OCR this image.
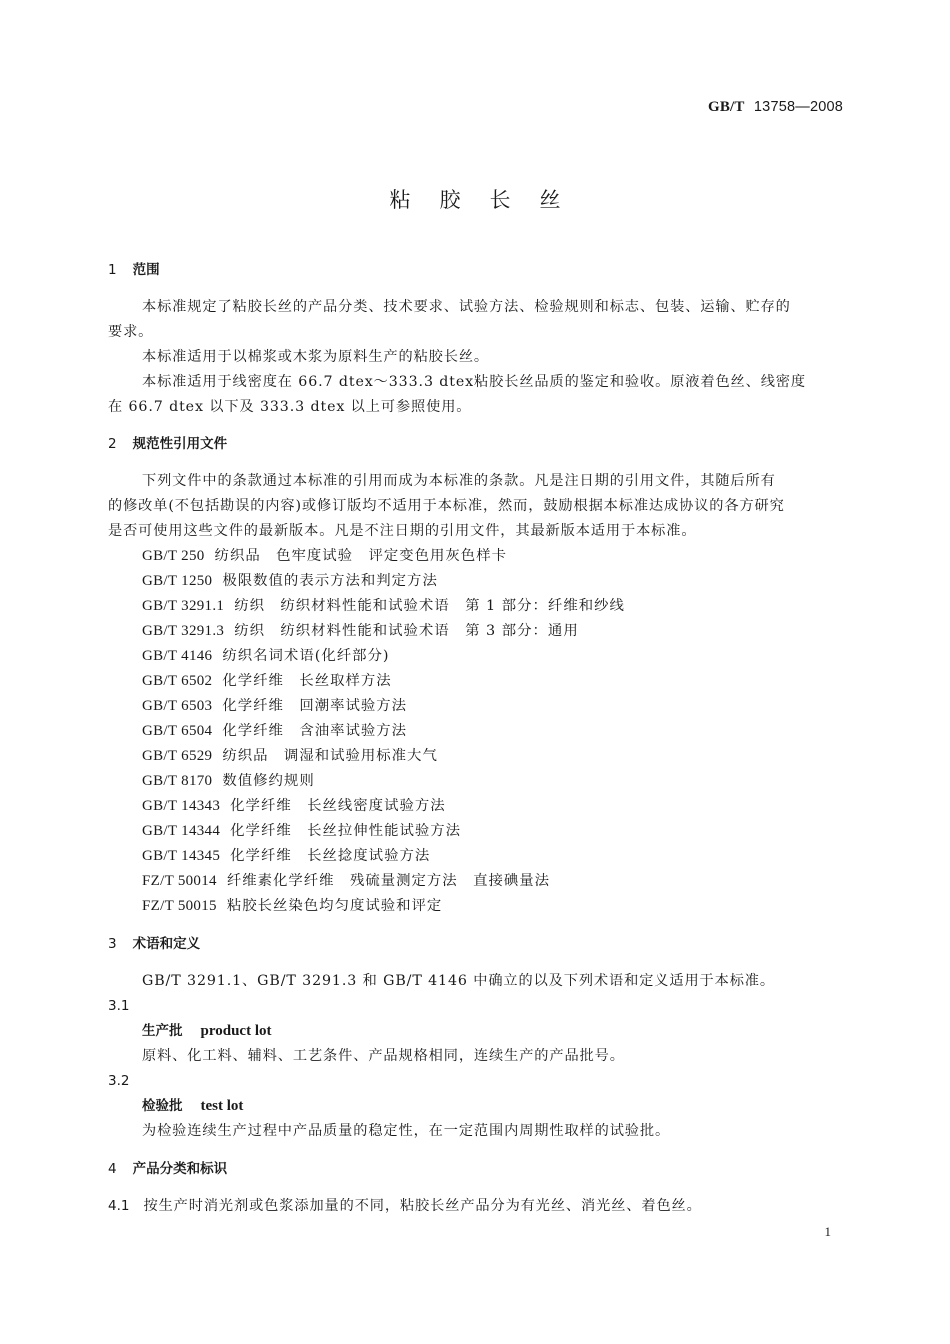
GB/T 13758—2008
粘胶长丝
1 范围
本标准规定了粘胶长丝的产品分类、技术要求、试验方法、检验规则和标志、包装、运输、贮存的
要求。
本标准适用于以棉浆或木浆为原料生产的粘胶长丝。
本标准适用于线密度在 66.7 dtex～333.3 dtex粘胶长丝品质的鉴定和验收。原液着色丝、线密度
在 66.7 dtex 以下及 333.3 dtex 以上可参照使用。
2 规范性引用文件
下列文件中的条款通过本标准的引用而成为本标准的条款。凡是注日期的引用文件，其随后所有
的修改单(不包括勘误的内容)或修订版均不适用于本标准，然而，鼓励根据本标准达成协议的各方研究
是否可使用这些文件的最新版本。凡是不注日期的引用文件，其最新版本适用于本标准。
GB/T 250 纺织品　色牢度试验　评定变色用灰色样卡
GB/T 1250 极限数值的表示方法和判定方法
GB/T 3291.1 纺织　纺织材料性能和试验术语　第 1 部分：纤维和纱线
GB/T 3291.3 纺织　纺织材料性能和试验术语　第 3 部分：通用
GB/T 4146 纺织名词术语(化纤部分)
GB/T 6502 化学纤维　长丝取样方法
GB/T 6503 化学纤维　回潮率试验方法
GB/T 6504 化学纤维　含油率试验方法
GB/T 6529 纺织品　调湿和试验用标准大气
GB/T 8170 数值修约规则
GB/T 14343 化学纤维　长丝线密度试验方法
GB/T 14344 化学纤维　长丝拉伸性能试验方法
GB/T 14345 化学纤维　长丝捻度试验方法
FZ/T 50014 纤维素化学纤维　残硫量测定方法　直接碘量法
FZ/T 50015 粘胶长丝染色均匀度试验和评定
3 术语和定义
GB/T 3291.1、GB/T 3291.3 和 GB/T 4146 中确立的以及下列术语和定义适用于本标准。
3.1
生产批 product lot
原料、化工料、辅料、工艺条件、产品规格相同，连续生产的产品批号。
3.2
检验批 test lot
为检验连续生产过程中产品质量的稳定性，在一定范围内周期性取样的试验批。
4 产品分类和标识
4.1 按生产时消光剂或色浆添加量的不同，粘胶长丝产品分为有光丝、消光丝、着色丝。
1
